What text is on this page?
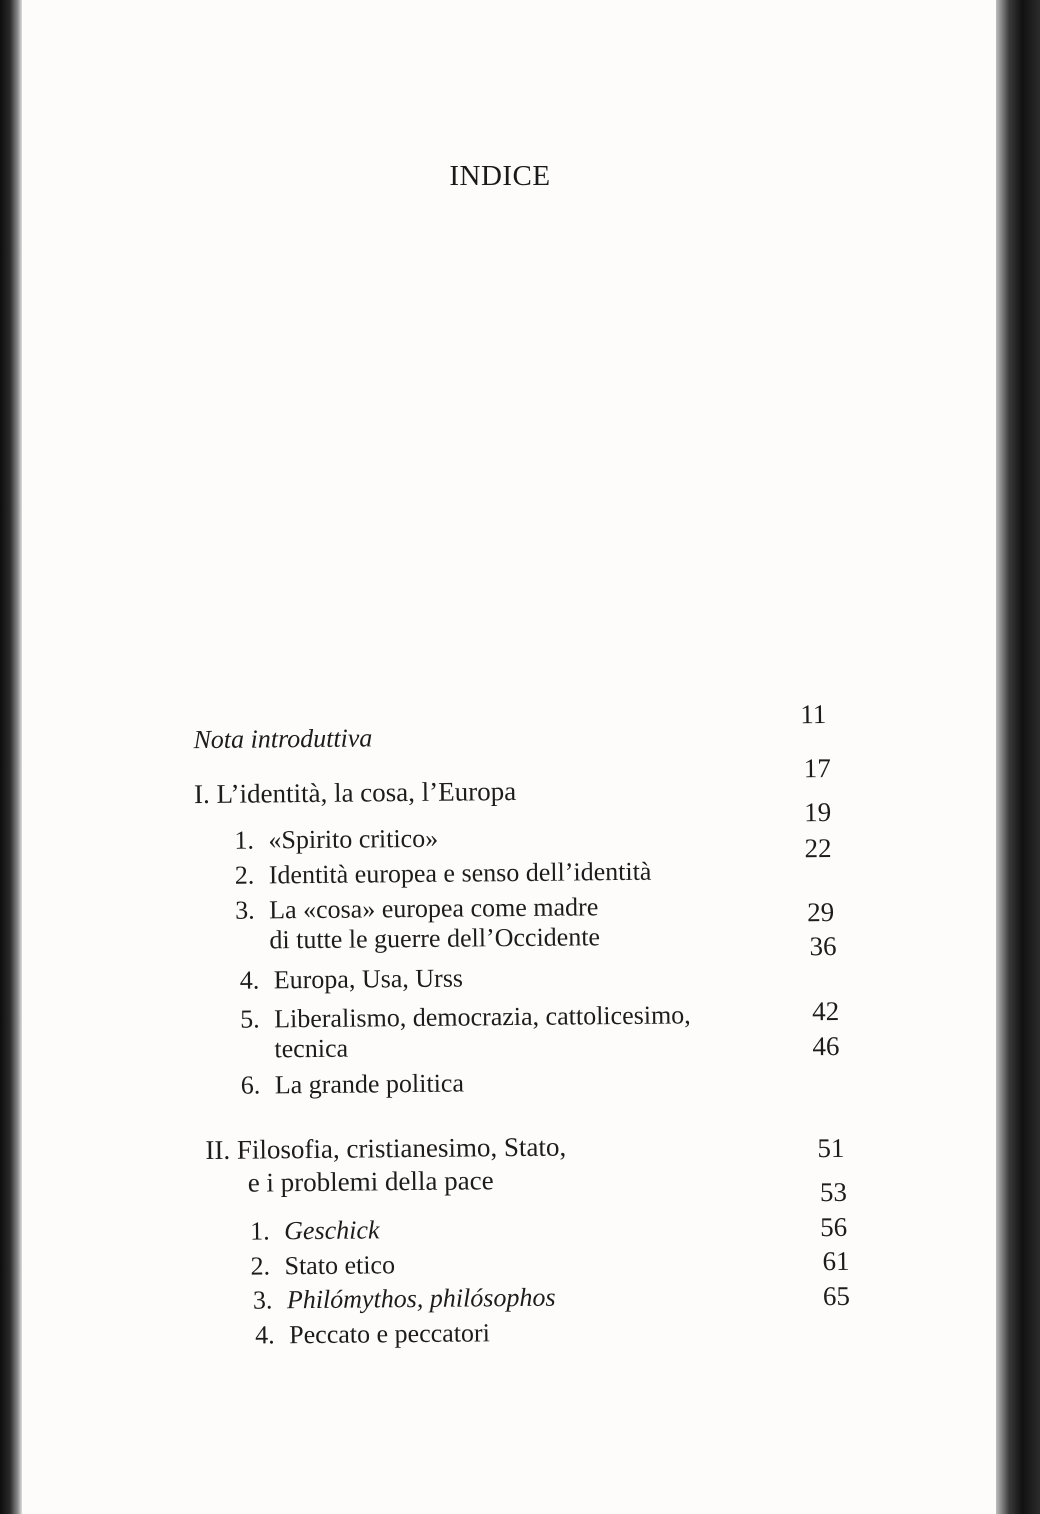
INDICE
Nota introduttiva
11
I. L’identità, la cosa, l’Europa
17
1. «Spirito critico»
19
2. Identità europea e senso dell’identità
22
3. La «cosa» europea come madre
di tutte le guerre dell’Occidente
29
4. Europa, Usa, Urss
36
5. Liberalismo, democrazia, cattolicesimo,
tecnica
42
6. La grande politica
46
II. Filosofia, cristianesimo, Stato,
e i problemi della pace
51
1. Geschick
53
2. Stato etico
56
3. Philómythos, philósophos
61
4. Peccato e peccatori
65
